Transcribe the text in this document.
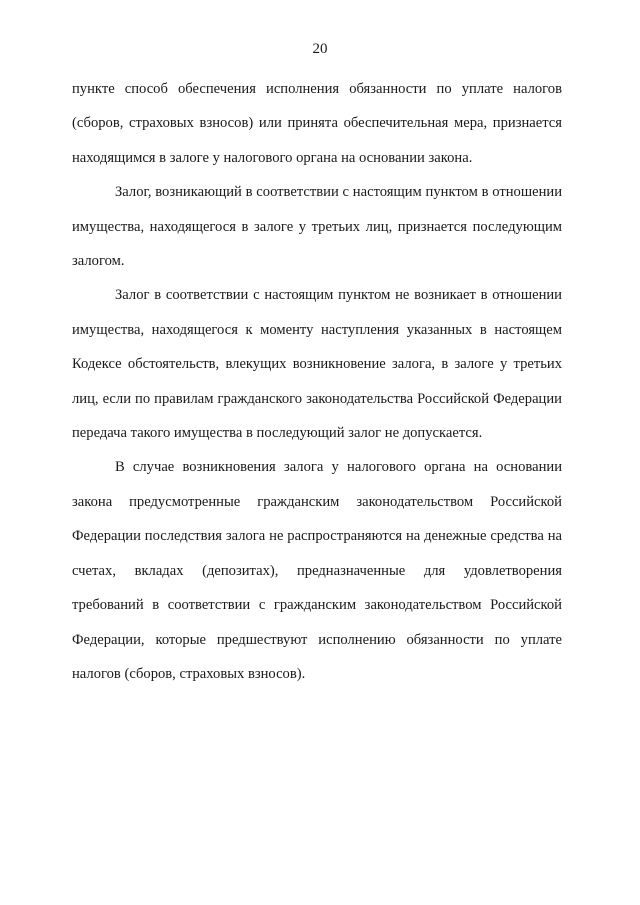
20

пункте способ обеспечения исполнения обязанности по уплате налогов (сборов, страховых взносов) или принята обеспечительная мера, признается находящимся в залоге у налогового органа на основании закона.

Залог, возникающий в соответствии с настоящим пунктом в отношении имущества, находящегося в залоге у третьих лиц, признается последующим залогом.

Залог в соответствии с настоящим пунктом не возникает в отношении имущества, находящегося к моменту наступления указанных в настоящем Кодексе обстоятельств, влекущих возникновение залога, в залоге у третьих лиц, если по правилам гражданского законодательства Российской Федерации передача такого имущества в последующий залог не допускается.

В случае возникновения залога у налогового органа на основании закона предусмотренные гражданским законодательством Российской Федерации последствия залога не распространяются на денежные средства на счетах, вкладах (депозитах), предназначенные для удовлетворения требований в соответствии с гражданским законодательством Российской Федерации, которые предшествуют исполнению обязанности по уплате налогов (сборов, страховых взносов).
